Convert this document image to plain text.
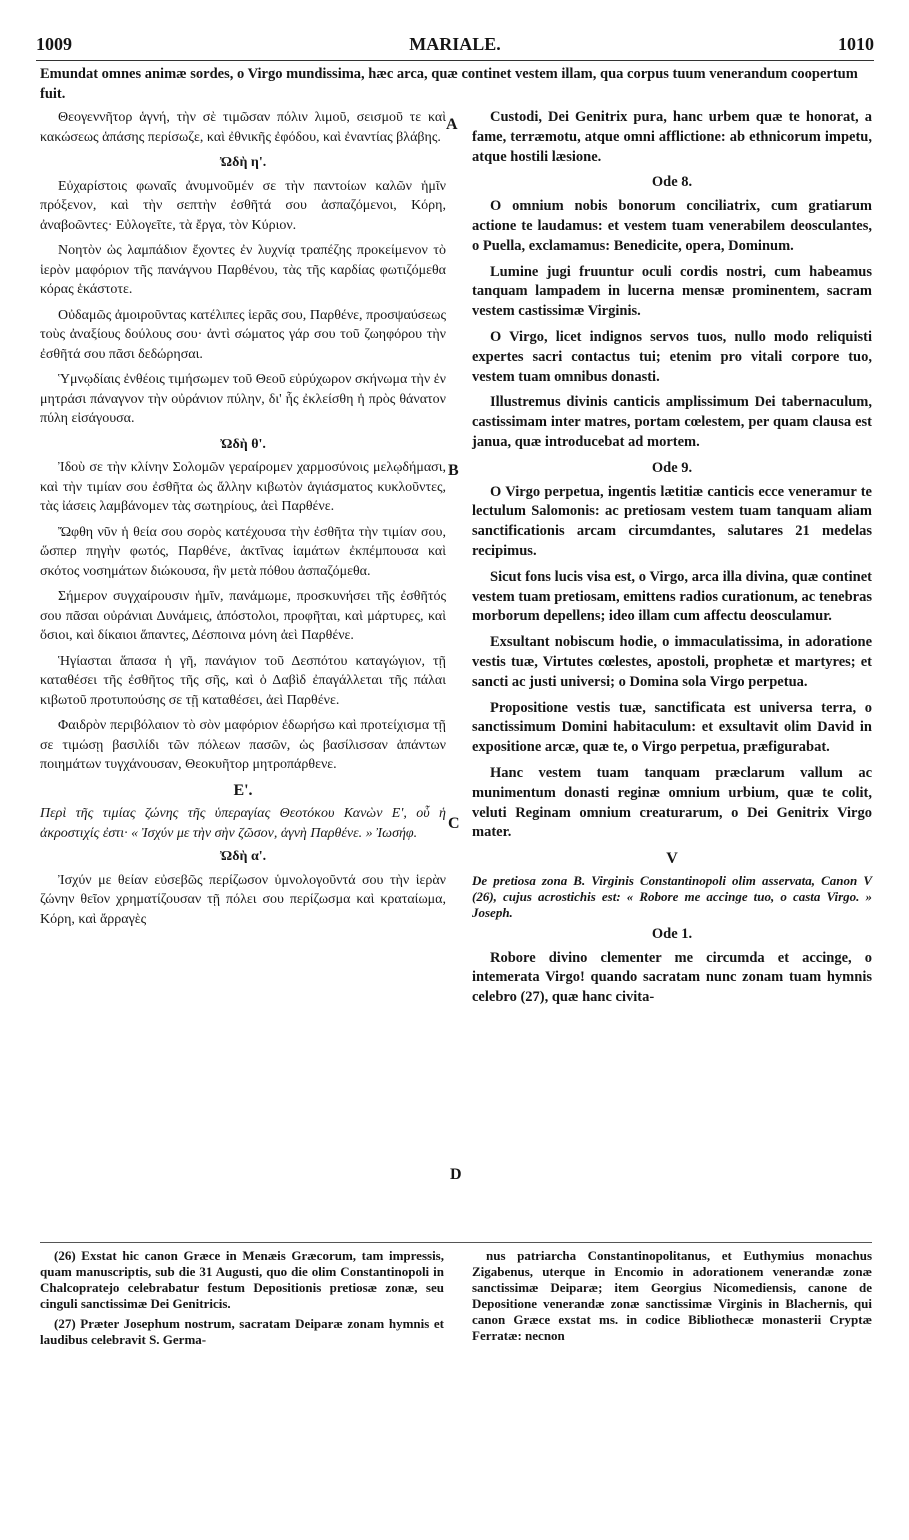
1009	MARIALE.	1010
Emundat omnes animæ sordes, o Virgo mundissima, hæc arca, quæ continet vestem illam, qua corpus tuum venerandum coopertum fuit.
Θεογεννῆτορ ἁγνή, τὴν σὲ τιμῶσαν πόλιν λιμοῦ, σεισμοῦ τε καὶ κακώσεως ἁπάσης περίσωζε, καὶ ἐθνικῆς ἐφόδου, καὶ ἐναντίας βλάβης.
Ὠδὴ η'.
Εὐχαρίστοις φωναῖς ἀνυμνοῦμέν σε τὴν παντοίων καλῶν ἡμῖν πρόξενον, καὶ τὴν σεπτὴν ἐσθῆτά σου ἀσπαζόμενοι, Κόρη, ἀναβοῶντες· Εὐλογεῖτε, τὰ ἔργα, τὸν Κύριον.
Νοητὸν ὡς λαμπάδιον ἔχοντες ἐν λυχνίᾳ τραπέζης προκείμενον τὸ ἱερὸν μαφόριον τῆς πανάγνου Παρθένου, τὰς τῆς καρδίας φωτιζόμεθα κόρας ἑκάστοτε.
Οὐδαμῶς ἀμοιροῦντας κατέλιπες ἱερᾶς σου, Παρθένε, προσψαύσεως τοὺς ἀναξίους δούλους σου· ἀντὶ σώματος γάρ σου τοῦ ζωηφόρου τὴν ἐσθῆτά σου πᾶσι δεδώρησαι.
Ὑμνῳδίαις ἐνθέοις τιμήσωμεν τοῦ Θεοῦ εὐρύχωρον σκήνωμα τὴν ἐν μητράσι πάναγνον τὴν οὐράνιον πύλην, δι' ἧς ἐκλείσθη ἡ πρὸς θάνατον πύλη εἰσάγουσα.
Ὠδὴ θ'.
Ἰδοὺ σε τὴν κλίνην Σολομῶν γεραίρομεν χαρμοσύνοις μελῳδήμασι, καὶ τὴν τιμίαν σου ἐσθῆτα ὡς ἄλλην κιβωτὸν ἁγιάσματος κυκλοῦντες, τὰς ἰάσεις λαμβάνομεν τὰς σωτηρίους, ἀεὶ Παρθένε.
Ὤφθη νῦν ἡ θεία σου σορὸς κατέχουσα τὴν ἐσθῆτα τὴν τιμίαν σου, ὥσπερ πηγὴν φωτός, Παρθένε, ἀκτῖνας ἰαμάτων ἐκπέμπουσα καὶ σκότος νοσημάτων διώκουσα, ἣν μετὰ πόθου ἀσπαζόμεθα.
Σήμερον συγχαίρουσιν ἡμῖν, πανάμωμε, προσκυνήσει τῆς ἐσθῆτός σου πᾶσαι οὐράνιαι Δυνάμεις, ἀπόστολοι, προφῆται, καὶ μάρτυρες, καὶ ὅσιοι, καὶ δίκαιοι ἅπαντες, Δέσποινα μόνη ἀεὶ Παρθένε.
Ἡγίασται ἅπασα ἡ γῆ, πανάγιον τοῦ Δεσπότου καταγώγιον, τῇ καταθέσει τῆς ἐσθῆτος τῆς σῆς, καὶ ὁ Δαβὶδ ἐπαγάλλεται τῆς πάλαι κιβωτοῦ προτυπούσης σε τῇ καταθέσει, ἀεὶ Παρθένε.
Φαιδρὸν περιβόλαιον τὸ σὸν μαφόριον ἐδωρήσω καὶ προτείχισμα τῇ σε τιμώσῃ βασιλίδι τῶν πόλεων πασῶν, ὡς βασίλισσαν ἁπάντων ποιημάτων τυγχάνουσαν, Θεοκυῆτορ μητροπάρθενε.
Ε'.
Περὶ τῆς τιμίας ζώνης τῆς ὑπεραγίας Θεοτόκου Κανὼν Ε', οὗ ἡ ἀκροστιχίς ἐστι· « Ἰσχύν με τὴν σὴν ζῶσον, ἁγνὴ Παρθένε. » Ἰωσήφ.
Ὠδὴ α'.
Ἰσχύν με θείαν εὐσεβῶς περίζωσον ὑμνολογοῦντά σου τὴν ἱερὰν ζώνην θεῖον χρηματίζουσαν τῇ πόλει σου περίζωσμα καὶ κραταίωμα, Κόρη, καὶ ἄρραγὲς
Custodi, Dei Genitrix pura, hanc urbem quæ te honorat, a fame, terræmotu, atque omni afflictione: ab ethnicorum impetu, atque hostili læsione.
Ode 8.
O omnium nobis bonorum conciliatrix, cum gratiarum actione te laudamus: et vestem tuam venerabilem deosculantes, o Puella, exclamamus: Benedicite, opera, Dominum.
Lumine jugi fruuntur oculi cordis nostri, cum habeamus tanquam lampadem in lucerna mensæ prominentem, sacram vestem castissimæ Virginis.
O Virgo, licet indignos servos tuos, nullo modo reliquisti expertes sacri contactus tui; etenim pro vitali corpore tuo, vestem tuam omnibus donasti.
Illustremus divinis canticis amplissimum Dei tabernaculum, castissimam inter matres, portam cœlestem, per quam clausa est janua, quæ introducebat ad mortem.
Ode 9.
O Virgo perpetua, ingentis lætitiæ canticis ecce veneramur te lectulum Salomonis: ac pretiosam vestem tuam tanquam aliam sanctificationis arcam circumdantes, salutares 21 medelas recipimus.
Sicut fons lucis visa est, o Virgo, arca illa divina, quæ continet vestem tuam pretiosam, emittens radios curationum, ac tenebras morborum depellens; ideo illam cum affectu deosculamur.
Exsultant nobiscum hodie, o immaculatissima, in adoratione vestis tuæ, Virtutes cœlestes, apostoli, prophetæ et martyres; et sancti ac justi universi; o Domina sola Virgo perpetua.
Propositione vestis tuæ, sanctificata est universa terra, o sanctissimum Domini habitaculum: et exsultavit olim David in expositione arcæ, quæ te, o Virgo perpetua, præfigurabat.
Hanc vestem tuam tanquam præclarum vallum ac munimentum donasti reginæ omnium urbium, quæ te colit, veluti Reginam omnium creaturarum, o Dei Genitrix Virgo mater.
V
De pretiosa zona B. Virginis Constantinopoli olim asservata, Canon V (26), cujus acrostichis est: « Robore me accinge tuo, o casta Virgo. » Joseph.
Ode 1.
Robore divino clementer me circumda et accinge, o intemerata Virgo! quando sacratam nunc zonam tuam hymnis celebro (27), quæ hanc civita-
A
B
C
D
(26) Exstat hic canon Græce in Menæis Græcorum, tam impressis, quam manuscriptis, sub die 31 Augusti, quo die olim Constantinopoli in Chalcopratejo celebrabatur festum Depositionis pretiosæ zonæ, seu cinguli sanctissimæ Dei Genitricis.
(27) Præter Josephum nostrum, sacratam Deiparæ zonam hymnis et laudibus celebravit S. Germa-
nus patriarcha Constantinopolitanus, et Euthymius monachus Zigabenus, uterque in Encomio in adorationem venerandæ zonæ sanctissimæ Deiparæ; item Georgius Nicomediensis, canone de Depositione venerandæ zonæ sanctissimæ Virginis in Blachernis, qui canon Græce exstat ms. in codice Bibliothecæ monasterii Cryptæ Ferratæ: necnon
